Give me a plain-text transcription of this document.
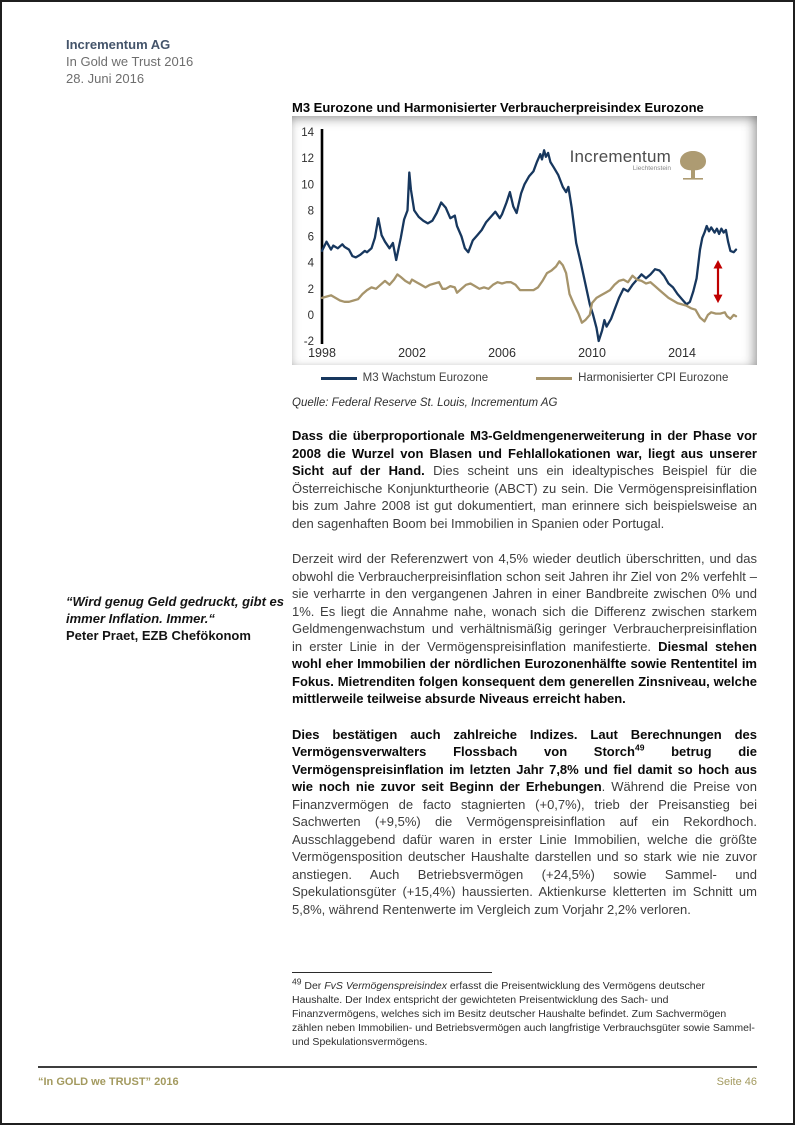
Incrementum AG
In Gold we Trust 2016
28. Juni 2016
“Wird genug Geld gedruckt, gibt es immer Inflation. Immer.“
Peter Praet, EZB Chefökonom
M3 Eurozone und Harmonisierter Verbraucherpreisindex Eurozone
14
12
10
8
6
4
2
0
-2
1998	2002	2006	2010	2014
Incrementum
Liechtenstein
M3 Wachstum Eurozone	Harmonisierter CPI Eurozone

Quelle: Federal Reserve St. Louis, Incrementum AG

Dass die überproportionale M3-Geldmengenerweiterung in der Phase vor 2008 die Wurzel von Blasen und Fehlallokationen war, liegt aus unserer Sicht auf der Hand. Dies scheint uns ein idealtypisches Beispiel für die Österreichische Konjunkturtheorie (ABCT) zu sein. Die Vermögenspreisinflation bis zum Jahre 2008 ist gut dokumentiert, man erinnere sich beispielsweise an den sagenhaften Boom bei Immobilien in Spanien oder Portugal.

Derzeit wird der Referenzwert von 4,5% wieder deutlich überschritten, und das obwohl die Verbraucherpreisinflation schon seit Jahren ihr Ziel von 2% verfehlt – sie verharrte in den vergangenen Jahren in einer Bandbreite zwischen 0% und 1%. Es liegt die Annahme nahe, wonach sich die Differenz zwischen starkem Geldmengenwachstum und verhältnismäßig geringer Verbraucherpreisinflation in erster Linie in der Vermögenspreisinflation manifestierte. Diesmal stehen wohl eher Immobilien der nördlichen Eurozonenhälfte sowie Rententitel im Fokus. Mietrenditen folgen konsequent dem generellen Zinsniveau, welche mittlerweile teilweise absurde Niveaus erreicht haben.

Dies bestätigen auch zahlreiche Indizes. Laut Berechnungen des Vermögensverwalters Flossbach von Storch$^{49}$ betrug die Vermögenspreisinflation im letzten Jahr 7,8% und fiel damit so hoch aus wie noch nie zuvor seit Beginn der Erhebungen. Während die Preise von Finanzvermögen de facto stagnierten (+0,7%), trieb der Preisanstieg bei Sachwerten (+9,5%) die Vermögenspreisinflation auf ein Rekordhoch. Ausschlaggebend dafür waren in erster Linie Immobilien, welche die größte Vermögensposition deutscher Haushalte darstellen und so stark wie nie zuvor anstiegen. Auch Betriebsvermögen (+24,5%) sowie Sammel- und Spekulationsgüter (+15,4%) haussierten. Aktienkurse kletterten im Schnitt um 5,8%, während Rentenwerte im Vergleich zum Vorjahr 2,2% verloren.

$^{49}$ Der FvS Vermögenspreisindex erfasst die Preisentwicklung des Vermögens deutscher Haushalte. Der Index entspricht der gewichteten Preisentwicklung des Sach- und Finanzvermögens, welches sich im Besitz deutscher Haushalte befindet. Zum Sachvermögen zählen neben Immobilien- und Betriebsvermögen auch langfristige Verbrauchsgüter sowie Sammel- und Spekulationsvermögens.
“In GOLD we TRUST” 2016	Seite 46
